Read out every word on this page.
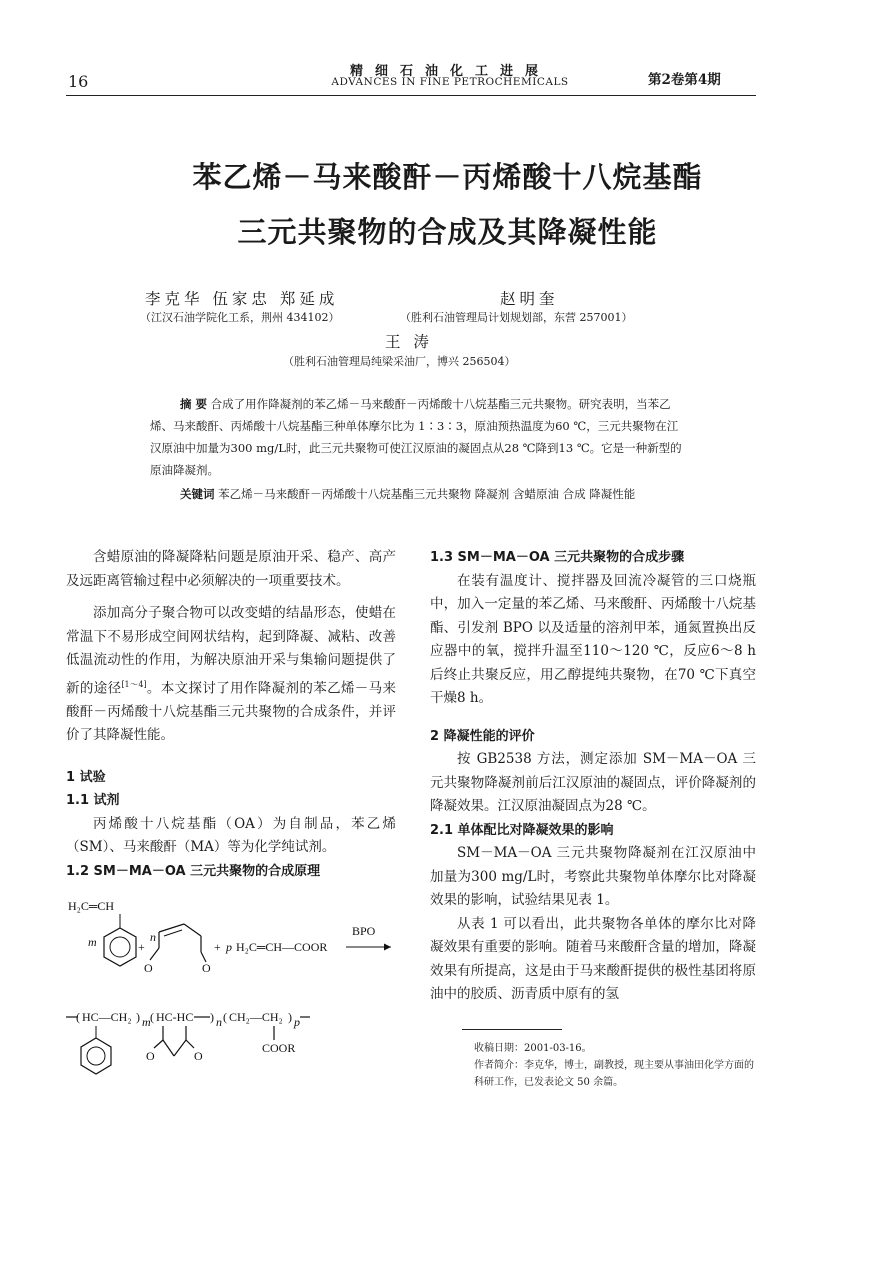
16
精细石油化工进展
ADVANCES IN FINE PETROCHEMICALS	第2卷第4期
苯乙烯－马来酸酐－丙烯酸十八烷基酯
三元共聚物的合成及其降凝性能
李克华 伍家忠 郑延成
（江汉石油学院化工系，荆州 434102）
赵明奎
（胜利石油管理局计划规划部，东营 257001）
王 涛
（胜利石油管理局纯梁采油厂，博兴 256504）
摘 要 合成了用作降凝剂的苯乙烯－马来酸酐－丙烯酸十八烷基酯三元共聚物。研究表明，当苯乙烯、马来酸酐、丙烯酸十八烷基酯三种单体摩尔比为 1∶3∶3，原油预热温度为60 ℃，三元共聚物在江汉原油中加量为300 mg/L时，此三元共聚物可使江汉原油的凝固点从28 ℃降到13 ℃。它是一种新型的原油降凝剂。
关键词 苯乙烯－马来酸酐－丙烯酸十八烷基酯三元共聚物 降凝剂 含蜡原油 合成 降凝性能

含蜡原油的降凝降粘问题是原油开采、稳产、高产及远距离管输过程中必须解决的一项重要技术。

添加高分子聚合物可以改变蜡的结晶形态，使蜡在常温下不易形成空间网状结构，起到降凝、减粘、改善低温流动性的作用，为解决原油开采与集输问题提供了新的途径[1～4]。本文探讨了用作降凝剂的苯乙烯－马来酸酐－丙烯酸十八烷基酯三元共聚物的合成条件，并评价了其降凝性能。

1 试验

1.1 试剂

丙烯酸十八烷基酯（OA）为自制品，苯乙烯（SM）、马来酸酐（MA）等为化学纯试剂。

1.2 SM－MA－OA 三元共聚物的合成原理

H₂C═CH
m	+
n
O	O
+ p H₂C═CH—COOR
BPO
( HC—CH₂ ) m ( HC-HC ) n ( CH₂—CH₂ ) p
O	O
COOR

1.3 SM－MA－OA 三元共聚物的合成步骤

在装有温度计、搅拌器及回流冷凝管的三口烧瓶中，加入一定量的苯乙烯、马来酸酐、丙烯酸十八烷基酯、引发剂 BPO 以及适量的溶剂甲苯，通氮置换出反应器中的氧，搅拌升温至110～120 ℃，反应6～8 h后终止共聚反应，用乙醇提纯共聚物，在70 ℃下真空干燥8 h。

2 降凝性能的评价

按 GB2538 方法，测定添加 SM－MA－OA 三元共聚物降凝剂前后江汉原油的凝固点，评价降凝剂的降凝效果。江汉原油凝固点为28 ℃。

2.1 单体配比对降凝效果的影响

SM－MA－OA 三元共聚物降凝剂在江汉原油中加量为300 mg/L时，考察此共聚物单体摩尔比对降凝效果的影响，试验结果见表 1。

从表 1 可以看出，此共聚物各单体的摩尔比对降凝效果有重要的影响。随着马来酸酐含量的增加，降凝效果有所提高，这是由于马来酸酐提供的极性基团将原油中的胶质、沥青质中原有的氢

收稿日期：2001-03-16。
作者简介：李克华，博士，副教授，现主要从事油田化学方面的科研工作，已发表论文 50 余篇。
